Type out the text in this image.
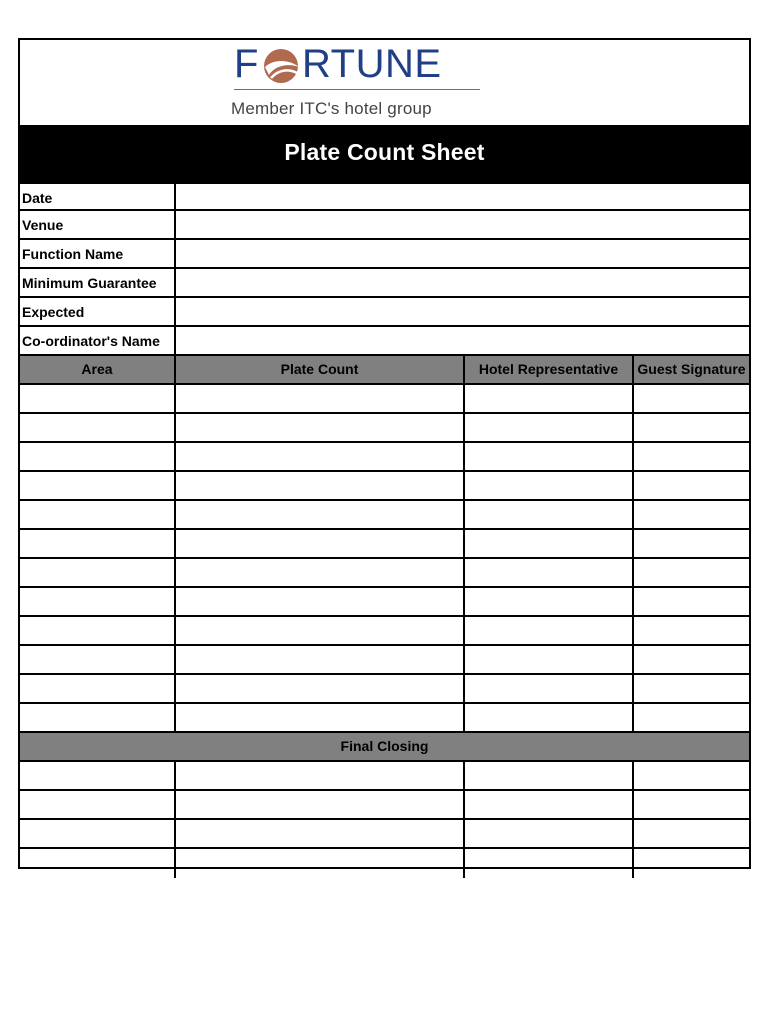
F RTUNE
Member ITC's hotel group
Plate Count Sheet
Date
Venue
Function Name
Minimum Guarantee
Expected
Co-ordinator's Name
Area	Plate Count	Hotel Representative	Guest Signature
Final Closing
